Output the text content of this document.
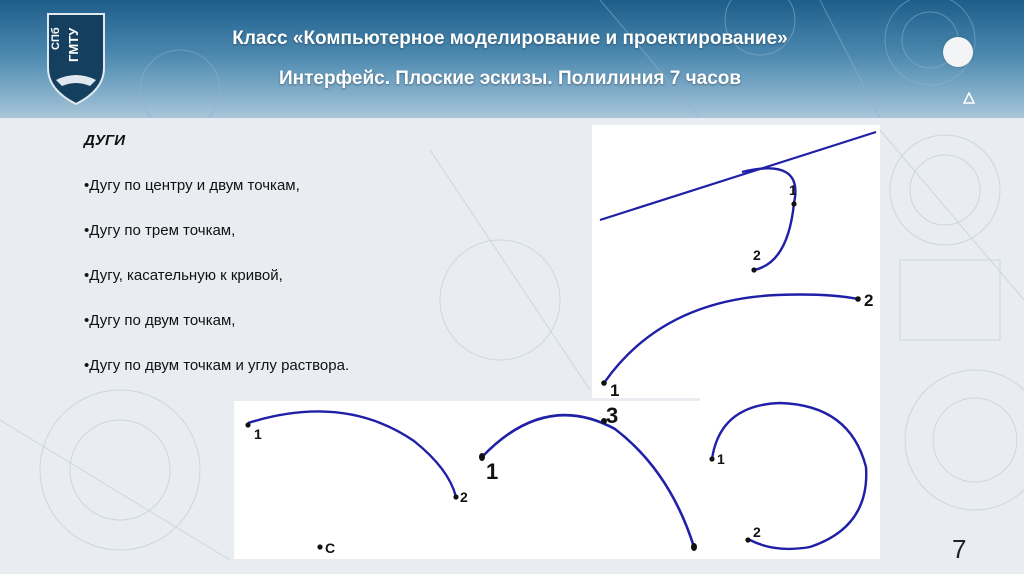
СПб ГМТУ	Класс «Компьютерное моделирование и проектирование»
Интерфейс. Плоские эскизы. Полилиния 7 часов
ДУГИ
•Дугу по центру и двум точкам,
•Дугу по трем точкам,
•Дугу, касательную к кривой,
•Дугу по двум точкам,
•Дугу по двум точкам и углу раствора.
1
2
1
2
1
2
C
1
3
1
2
7
